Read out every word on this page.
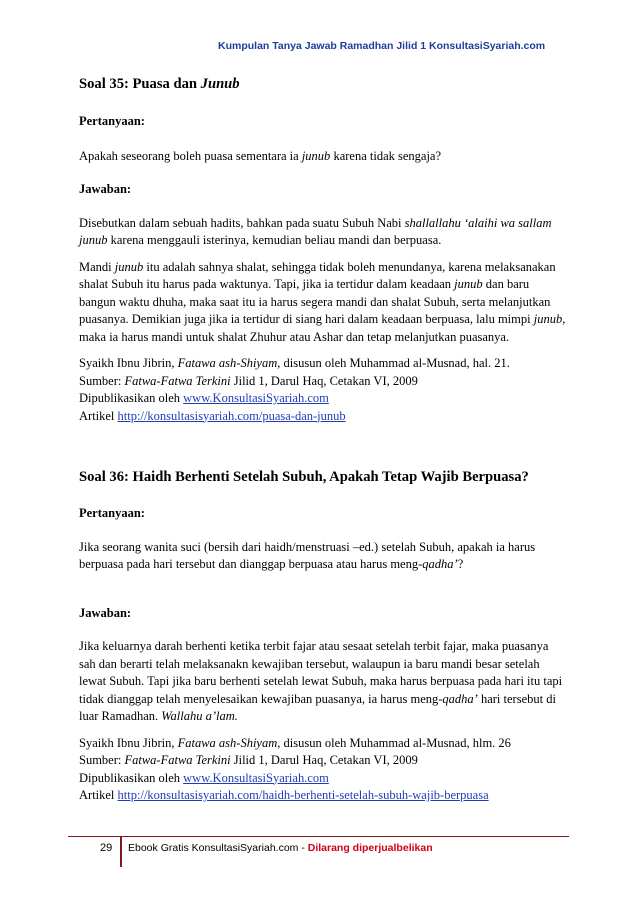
Kumpulan Tanya Jawab Ramadhan Jilid 1 KonsultasiSyariah.com
Soal 35: Puasa dan Junub

Pertanyaan:

Apakah seseorang boleh puasa sementara ia junub karena tidak sengaja?

Jawaban:

Disebutkan dalam sebuah hadits, bahkan pada suatu Subuh Nabi shallallahu ‘alaihi wa sallam junub karena menggauli isterinya, kemudian beliau mandi dan berpuasa.

Mandi junub itu adalah sahnya shalat, sehingga tidak boleh menundanya, karena melaksanakan shalat Subuh itu harus pada waktunya. Tapi, jika ia tertidur dalam keadaan junub dan baru bangun waktu dhuha, maka saat itu ia harus segera mandi dan shalat Subuh, serta melanjutkan puasanya. Demikian juga jika ia tertidur di siang hari dalam keadaan berpuasa, lalu mimpi junub, maka ia harus mandi untuk shalat Zhuhur atau Ashar dan tetap melanjutkan puasanya.

Syaikh Ibnu Jibrin, Fatawa ash-Shiyam, disusun oleh Muhammad al-Musnad, hal. 21.

Sumber: Fatwa-Fatwa Terkini Jilid 1, Darul Haq, Cetakan VI, 2009

Dipublikasikan oleh www.KonsultasiSyariah.com

Artikel http://konsultasisyariah.com/puasa-dan-junub

Soal 36: Haidh Berhenti Setelah Subuh, Apakah Tetap Wajib Berpuasa?

Pertanyaan:

Jika seorang wanita suci (bersih dari haidh/menstruasi –ed.) setelah Subuh, apakah ia harus berpuasa pada hari tersebut dan dianggap berpuasa atau harus meng-qadha’?

Jawaban:

Jika keluarnya darah berhenti ketika terbit fajar atau sesaat setelah terbit fajar, maka puasanya sah dan berarti telah melaksanakn kewajiban tersebut, walaupun ia baru mandi besar setelah lewat Subuh. Tapi jika baru berhenti setelah lewat Subuh, maka harus berpuasa pada hari itu tapi tidak dianggap telah menyelesaikan kewajiban puasanya, ia harus meng-qadha’ hari tersebut di luar Ramadhan. Wallahu a’lam.

Syaikh Ibnu Jibrin, Fatawa ash-Shiyam, disusun oleh Muhammad al-Musnad, hlm. 26

Sumber: Fatwa-Fatwa Terkini Jilid 1, Darul Haq, Cetakan VI, 2009

Dipublikasikan oleh www.KonsultasiSyariah.com

Artikel http://konsultasisyariah.com/haidh-berhenti-setelah-subuh-wajib-berpuasa

29 Ebook Gratis KonsultasiSyariah.com - Dilarang diperjualbelikan
